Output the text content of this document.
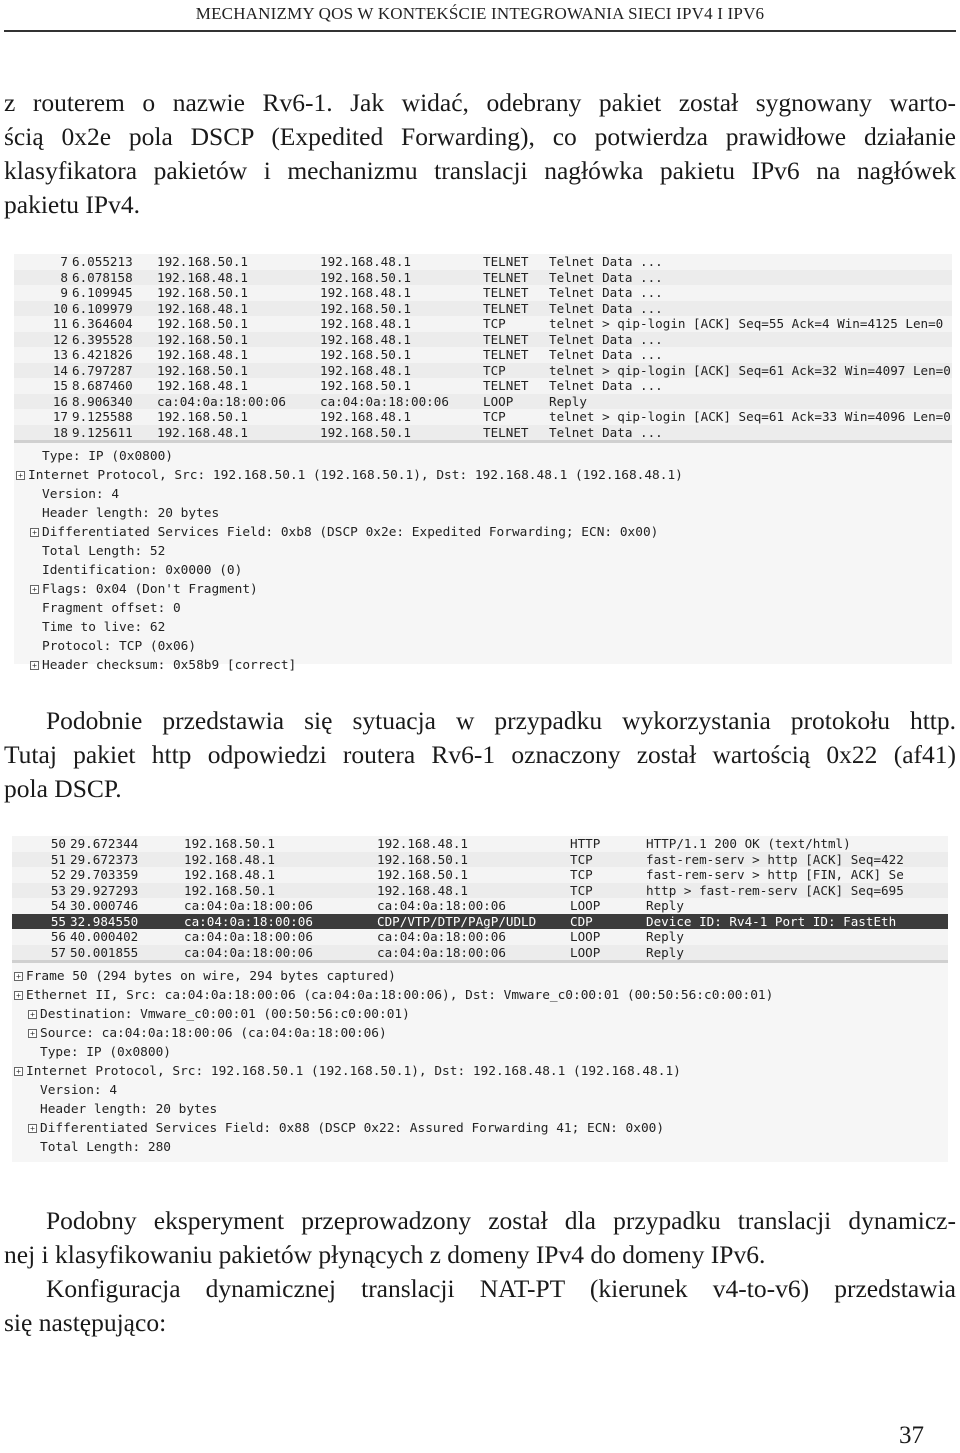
MECHANIZMY QOS W KONTEKŚCIE INTEGROWANIA SIECI IPV4 I IPV6
z routerem o nazwie Rv6-1. Jak widać, odebrany pakiet został sygnowany warto-
ścią 0x2e pola DSCP (Expedited Forwarding), co potwierdza prawidłowe działanie
klasyfikatora pakietów i mechanizmu translacji nagłówka pakietu IPv6 na nagłówek
pakietu IPv4.
7 6.055213	192.168.50.1	192.168.48.1	TELNET	Telnet Data ...
8 6.078158	192.168.48.1	192.168.50.1	TELNET	Telnet Data ...
9 6.109945	192.168.50.1	192.168.48.1	TELNET	Telnet Data ...
10 6.109979	192.168.48.1	192.168.50.1	TELNET	Telnet Data ...
11 6.364604	192.168.50.1	192.168.48.1	TCP	telnet > qip-login [ACK] Seq=55 Ack=4 Win=4125 Len=0
12 6.395528	192.168.50.1	192.168.48.1	TELNET	Telnet Data ...
13 6.421826	192.168.48.1	192.168.50.1	TELNET	Telnet Data ...
14 6.797287	192.168.50.1	192.168.48.1	TCP	telnet > qip-login [ACK] Seq=61 Ack=32 Win=4097 Len=0
15 8.687460	192.168.48.1	192.168.50.1	TELNET	Telnet Data ...
16 8.906340	ca:04:0a:18:00:06	ca:04:0a:18:00:06	LOOP	Reply
17 9.125588	192.168.50.1	192.168.48.1	TCP	telnet > qip-login [ACK] Seq=61 Ack=33 Win=4096 Len=0
18 9.125611	192.168.48.1	192.168.50.1	TELNET	Telnet Data ...
Type: IP (0x0800)
+ Internet Protocol, Src: 192.168.50.1 (192.168.50.1), Dst: 192.168.48.1 (192.168.48.1)
Version: 4
Header length: 20 bytes
+ Differentiated Services Field: 0xb8 (DSCP 0x2e: Expedited Forwarding; ECN: 0x00)
Total Length: 52
Identification: 0x0000 (0)
+ Flags: 0x04 (Don't Fragment)
Fragment offset: 0
Time to live: 62
Protocol: TCP (0x06)
+ Header checksum: 0x58b9 [correct]
Podobnie przedstawia się sytuacja w przypadku wykorzystania protokołu http.
Tutaj pakiet http odpowiedzi routera Rv6-1 oznaczony został wartością 0x22 (af41)
pola DSCP.
50 29.672344	192.168.50.1	192.168.48.1	HTTP	HTTP/1.1 200 OK (text/html)
51 29.672373	192.168.48.1	192.168.50.1	TCP	fast-rem-serv > http [ACK] Seq=422
52 29.703359	192.168.48.1	192.168.50.1	TCP	fast-rem-serv > http [FIN, ACK] Se
53 29.927293	192.168.50.1	192.168.48.1	TCP	http > fast-rem-serv [ACK] Seq=695
54 30.000746	ca:04:0a:18:00:06	ca:04:0a:18:00:06	LOOP	Reply
55 32.984550	ca:04:0a:18:00:06	CDP/VTP/DTP/PAgP/UDLD	CDP	Device ID: Rv4-1 Port ID: FastEth
56 40.000402	ca:04:0a:18:00:06	ca:04:0a:18:00:06	LOOP	Reply
57 50.001855	ca:04:0a:18:00:06	ca:04:0a:18:00:06	LOOP	Reply
+ Frame 50 (294 bytes on wire, 294 bytes captured)
+ Ethernet II, Src: ca:04:0a:18:00:06 (ca:04:0a:18:00:06), Dst: Vmware_c0:00:01 (00:50:56:c0:00:01)
+ Destination: Vmware_c0:00:01 (00:50:56:c0:00:01)
+ Source: ca:04:0a:18:00:06 (ca:04:0a:18:00:06)
Type: IP (0x0800)
+ Internet Protocol, Src: 192.168.50.1 (192.168.50.1), Dst: 192.168.48.1 (192.168.48.1)
Version: 4
Header length: 20 bytes
+ Differentiated Services Field: 0x88 (DSCP 0x22: Assured Forwarding 41; ECN: 0x00)
Total Length: 280
Podobny eksperyment przeprowadzony został dla przypadku translacji dynamicz-
nej i klasyfikowaniu pakietów płynących z domeny IPv4 do domeny IPv6.
Konfiguracja dynamicznej translacji NAT-PT (kierunek v4-to-v6) przedstawia
się następująco:
37
